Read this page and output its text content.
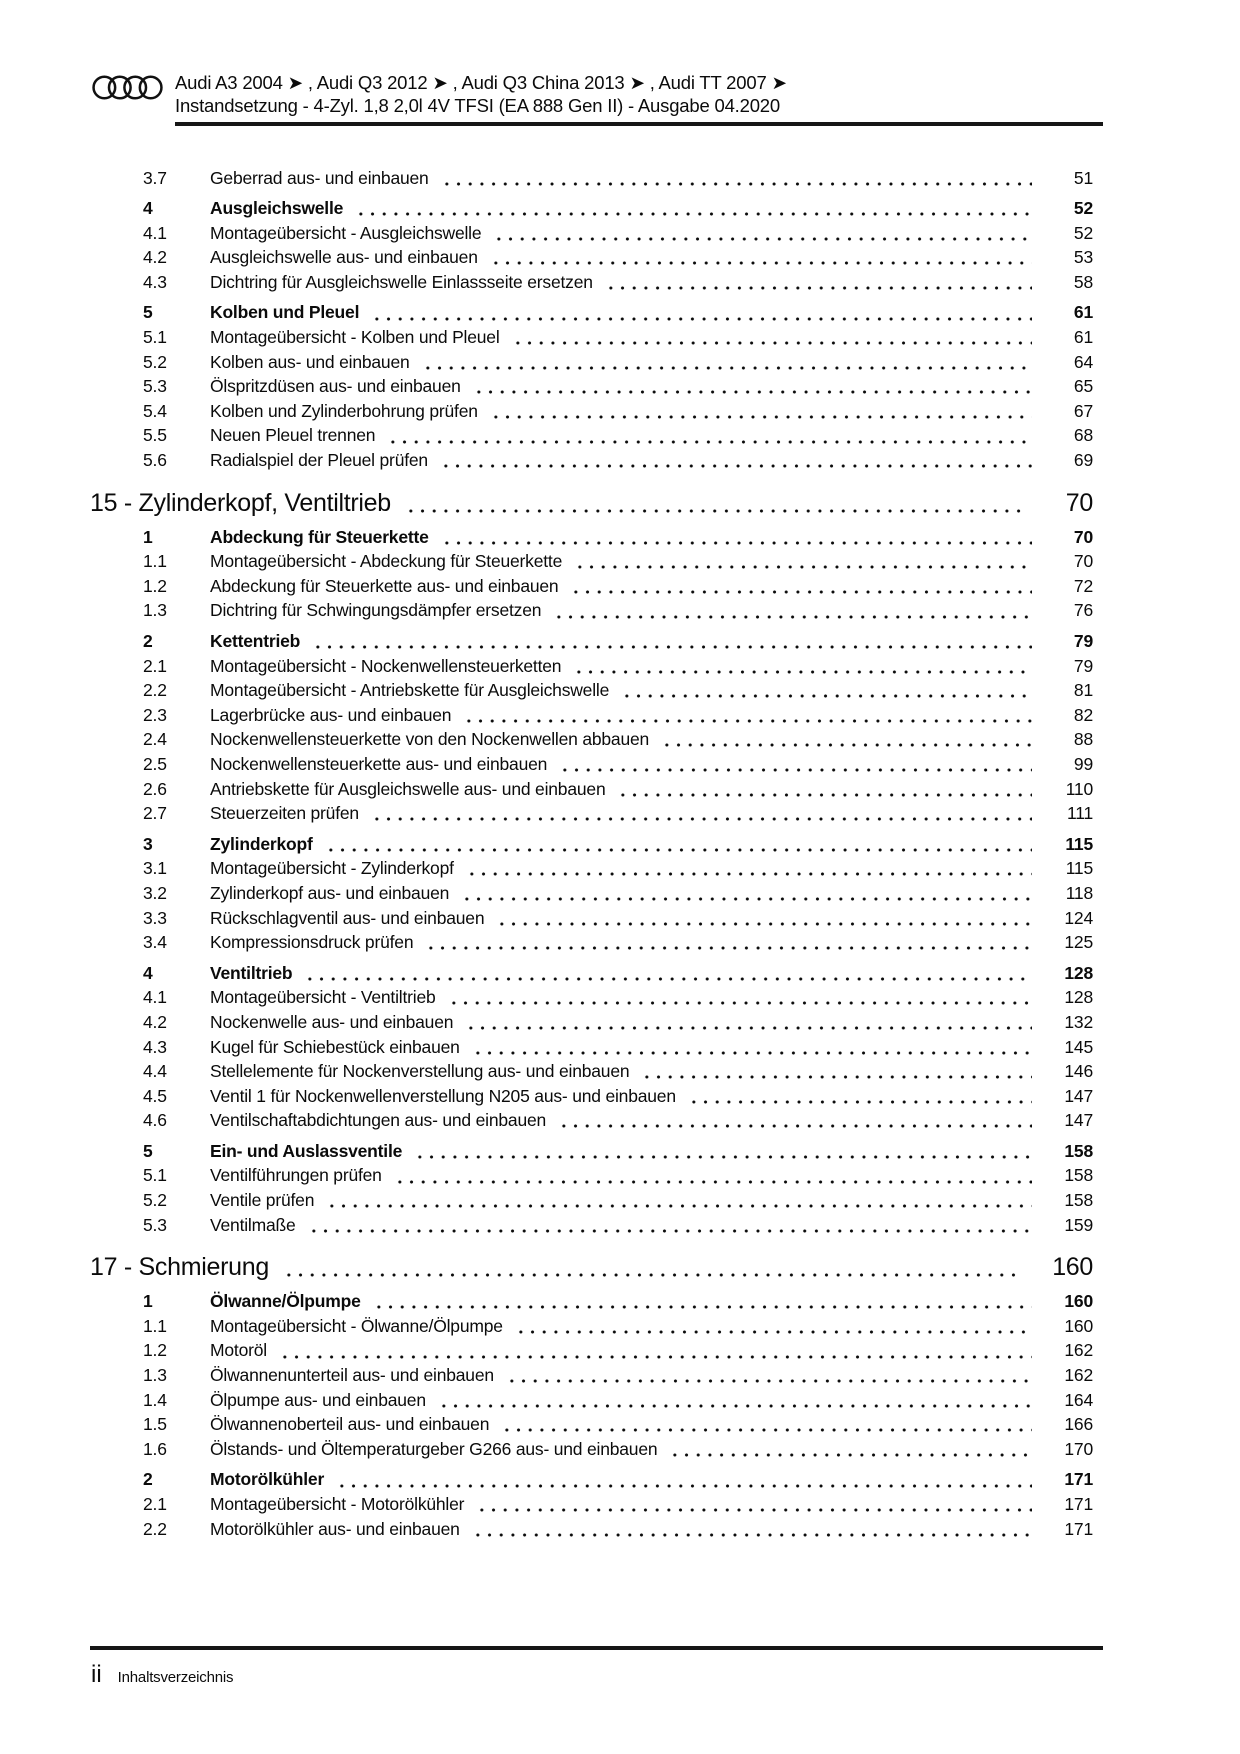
Audi A3 2004 ➤ , Audi Q3 2012 ➤ , Audi Q3 China 2013 ➤ , Audi TT 2007 ➤
Instandsetzung - 4-Zyl. 1,8 2,0l 4V TFSI (EA 888 Gen II) - Ausgabe 04.2020
3.7	Geberrad aus- und einbauen	51
4	Ausgleichswelle	52
4.1	Montageübersicht - Ausgleichswelle	52
4.2	Ausgleichswelle aus- und einbauen	53
4.3	Dichtring für Ausgleichswelle Einlassseite ersetzen	58
5	Kolben und Pleuel	61
5.1	Montageübersicht - Kolben und Pleuel	61
5.2	Kolben aus- und einbauen	64
5.3	Ölspritzdüsen aus- und einbauen	65
5.4	Kolben und Zylinderbohrung prüfen	67
5.5	Neuen Pleuel trennen	68
5.6	Radialspiel der Pleuel prüfen	69
15 - Zylinderkopf, Ventiltrieb	70
1	Abdeckung für Steuerkette	70
1.1	Montageübersicht - Abdeckung für Steuerkette	70
1.2	Abdeckung für Steuerkette aus- und einbauen	72
1.3	Dichtring für Schwingungsdämpfer ersetzen	76
2	Kettentrieb	79
2.1	Montageübersicht - Nockenwellensteuerketten	79
2.2	Montageübersicht - Antriebskette für Ausgleichswelle	81
2.3	Lagerbrücke aus- und einbauen	82
2.4	Nockenwellensteuerkette von den Nockenwellen abbauen	88
2.5	Nockenwellensteuerkette aus- und einbauen	99
2.6	Antriebskette für Ausgleichswelle aus- und einbauen	110
2.7	Steuerzeiten prüfen	111
3	Zylinderkopf	115
3.1	Montageübersicht - Zylinderkopf	115
3.2	Zylinderkopf aus- und einbauen	118
3.3	Rückschlagventil aus- und einbauen	124
3.4	Kompressionsdruck prüfen	125
4	Ventiltrieb	128
4.1	Montageübersicht - Ventiltrieb	128
4.2	Nockenwelle aus- und einbauen	132
4.3	Kugel für Schiebestück einbauen	145
4.4	Stellelemente für Nockenverstellung aus- und einbauen	146
4.5	Ventil 1 für Nockenwellenverstellung N205 aus- und einbauen	147
4.6	Ventilschaftabdichtungen aus- und einbauen	147
5	Ein- und Auslassventile	158
5.1	Ventilführungen prüfen	158
5.2	Ventile prüfen	158
5.3	Ventilmaße	159
17 - Schmierung	160
1	Ölwanne/Ölpumpe	160
1.1	Montageübersicht - Ölwanne/Ölpumpe	160
1.2	Motoröl	162
1.3	Ölwannenunterteil aus- und einbauen	162
1.4	Ölpumpe aus- und einbauen	164
1.5	Ölwannenoberteil aus- und einbauen	166
1.6	Ölstands- und Öltemperaturgeber G266 aus- und einbauen	170
2	Motorölkühler	171
2.1	Montageübersicht - Motorölkühler	171
2.2	Motorölkühler aus- und einbauen	171
ii Inhaltsverzeichnis
